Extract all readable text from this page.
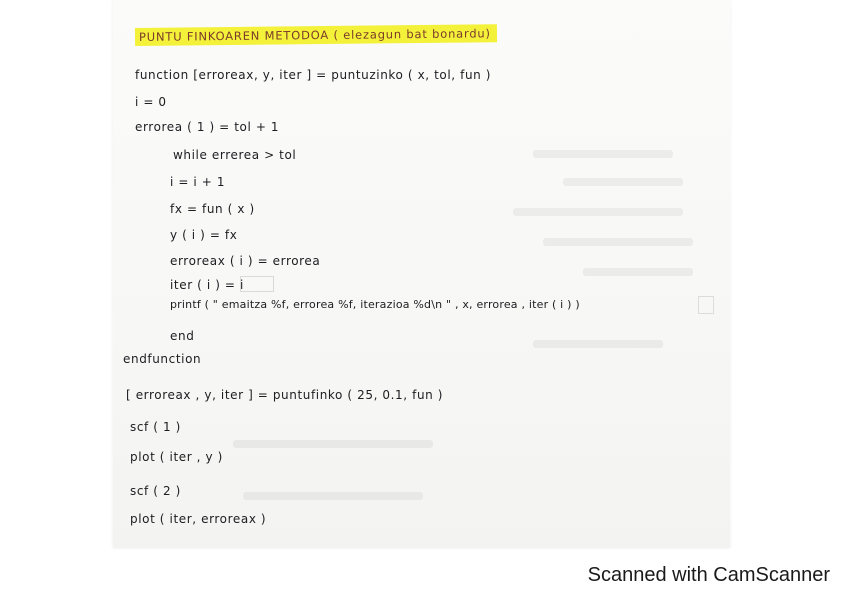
PUNTU FINKOAREN METODOA ( elezagun bat bonardu)
function [erroreax, y, iter ] = puntuzinko ( x, tol, fun )
i = 0
errorea ( 1 ) = tol + 1
while errerea > tol
i = i + 1
fx = fun ( x )
y ( i ) = fx
erroreax ( i ) = errorea
iter ( i ) = i
printf ( " emaitza %f, errorea %f, iterazioa %d\n " , x, errorea , iter ( i ) )
end
endfunction
[ erroreax , y, iter ] = puntufinko ( 25, 0.1, fun )
scf ( 1 )
plot ( iter , y )
scf ( 2 )
plot ( iter, erroreax )
Scanned with CamScanner
